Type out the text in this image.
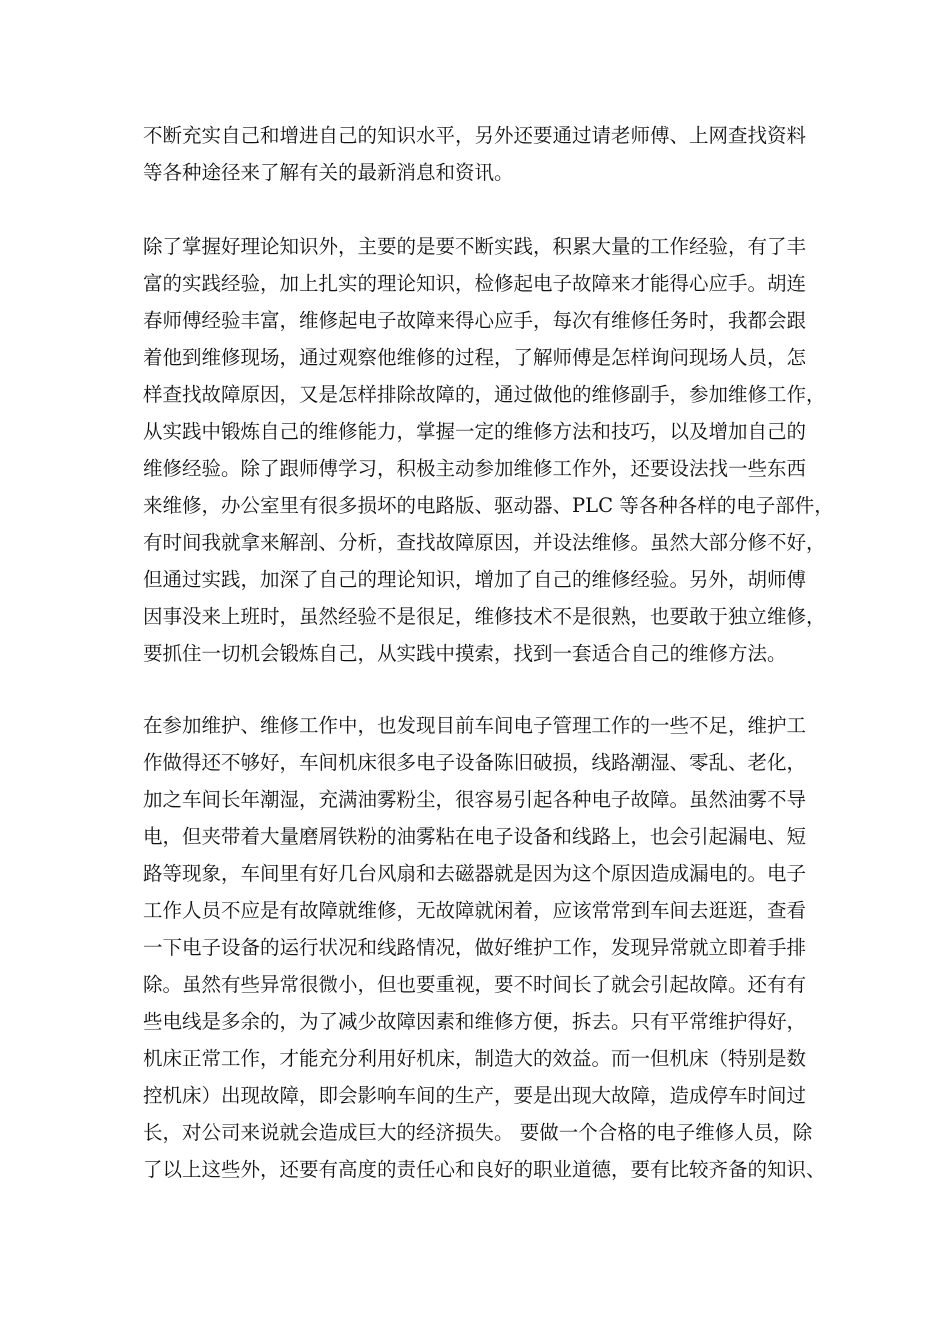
不断充实自己和增进自己的知识水平，另外还要通过请老师傅、上网查找资料
等各种途径来了解有关的最新消息和资讯。
除了掌握好理论知识外，主要的是要不断实践，积累大量的工作经验，有了丰
富的实践经验，加上扎实的理论知识，检修起电子故障来才能得心应手。胡连
春师傅经验丰富，维修起电子故障来得心应手，每次有维修任务时，我都会跟
着他到维修现场，通过观察他维修的过程，了解师傅是怎样询问现场人员，怎
样查找故障原因，又是怎样排除故障的，通过做他的维修副手，参加维修工作，
从实践中锻炼自己的维修能力，掌握一定的维修方法和技巧，以及增加自己的
维修经验。除了跟师傅学习，积极主动参加维修工作外，还要设法找一些东西
来维修，办公室里有很多损坏的电路版、驱动器、PLC 等各种各样的电子部件，
有时间我就拿来解剖、分析，查找故障原因，并设法维修。虽然大部分修不好，
但通过实践，加深了自己的理论知识，增加了自己的维修经验。另外，胡师傅
因事没来上班时，虽然经验不是很足，维修技术不是很熟，也要敢于独立维修，
要抓住一切机会锻炼自己，从实践中摸索，找到一套适合自己的维修方法。
在参加维护、维修工作中，也发现目前车间电子管理工作的一些不足，维护工
作做得还不够好，车间机床很多电子设备陈旧破损，线路潮湿、零乱、老化，
加之车间长年潮湿，充满油雾粉尘，很容易引起各种电子故障。虽然油雾不导
电，但夹带着大量磨屑铁粉的油雾粘在电子设备和线路上，也会引起漏电、短
路等现象，车间里有好几台风扇和去磁器就是因为这个原因造成漏电的。电子
工作人员不应是有故障就维修，无故障就闲着，应该常常到车间去逛逛，查看
一下电子设备的运行状况和线路情况，做好维护工作，发现异常就立即着手排
除。虽然有些异常很微小，但也要重视，要不时间长了就会引起故障。还有有
些电线是多余的，为了减少故障因素和维修方便，拆去。只有平常维护得好，
机床正常工作，才能充分利用好机床，制造大的效益。而一但机床（特别是数
控机床）出现故障，即会影响车间的生产，要是出现大故障，造成停车时间过
长，对公司来说就会造成巨大的经济损失。 要做一个合格的电子维修人员，除
了以上这些外，还要有高度的责任心和良好的职业道德，要有比较齐备的知识、
